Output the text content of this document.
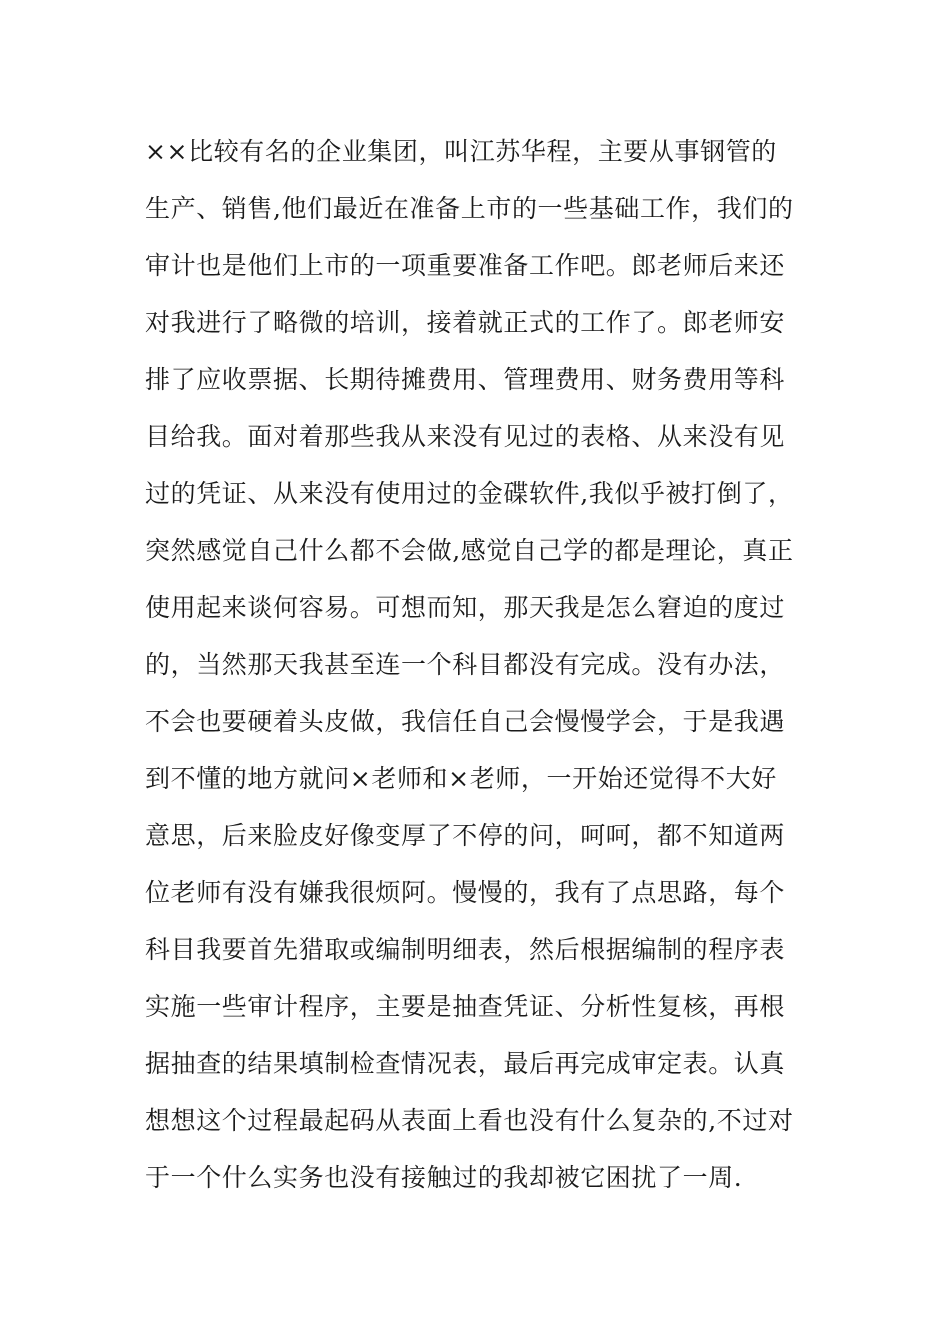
××比较有名的企业集团，叫江苏华程，主要从事钢管的
生产、销售,他们最近在准备上市的一些基础工作，我们的
审计也是他们上市的一项重要准备工作吧。郎老师后来还
对我进行了略微的培训，接着就正式的工作了。郎老师安
排了应收票据、长期待摊费用、管理费用、财务费用等科
目给我。面对着那些我从来没有见过的表格、从来没有见
过的凭证、从来没有使用过的金碟软件,我似乎被打倒了，
突然感觉自己什么都不会做,感觉自己学的都是理论，真正
使用起来谈何容易。可想而知，那天我是怎么窘迫的度过
的，当然那天我甚至连一个科目都没有完成。没有办法，
不会也要硬着头皮做，我信任自己会慢慢学会，于是我遇
到不懂的地方就问×老师和×老师，一开始还觉得不大好
意思，后来脸皮好像变厚了不停的问，呵呵，都不知道两
位老师有没有嫌我很烦阿。慢慢的，我有了点思路，每个
科目我要首先猎取或编制明细表，然后根据编制的程序表
实施一些审计程序，主要是抽查凭证、分析性复核，再根
据抽查的结果填制检查情况表，最后再完成审定表。认真
想想这个过程最起码从表面上看也没有什么复杂的,不过对
于一个什么实务也没有接触过的我却被它困扰了一周.
